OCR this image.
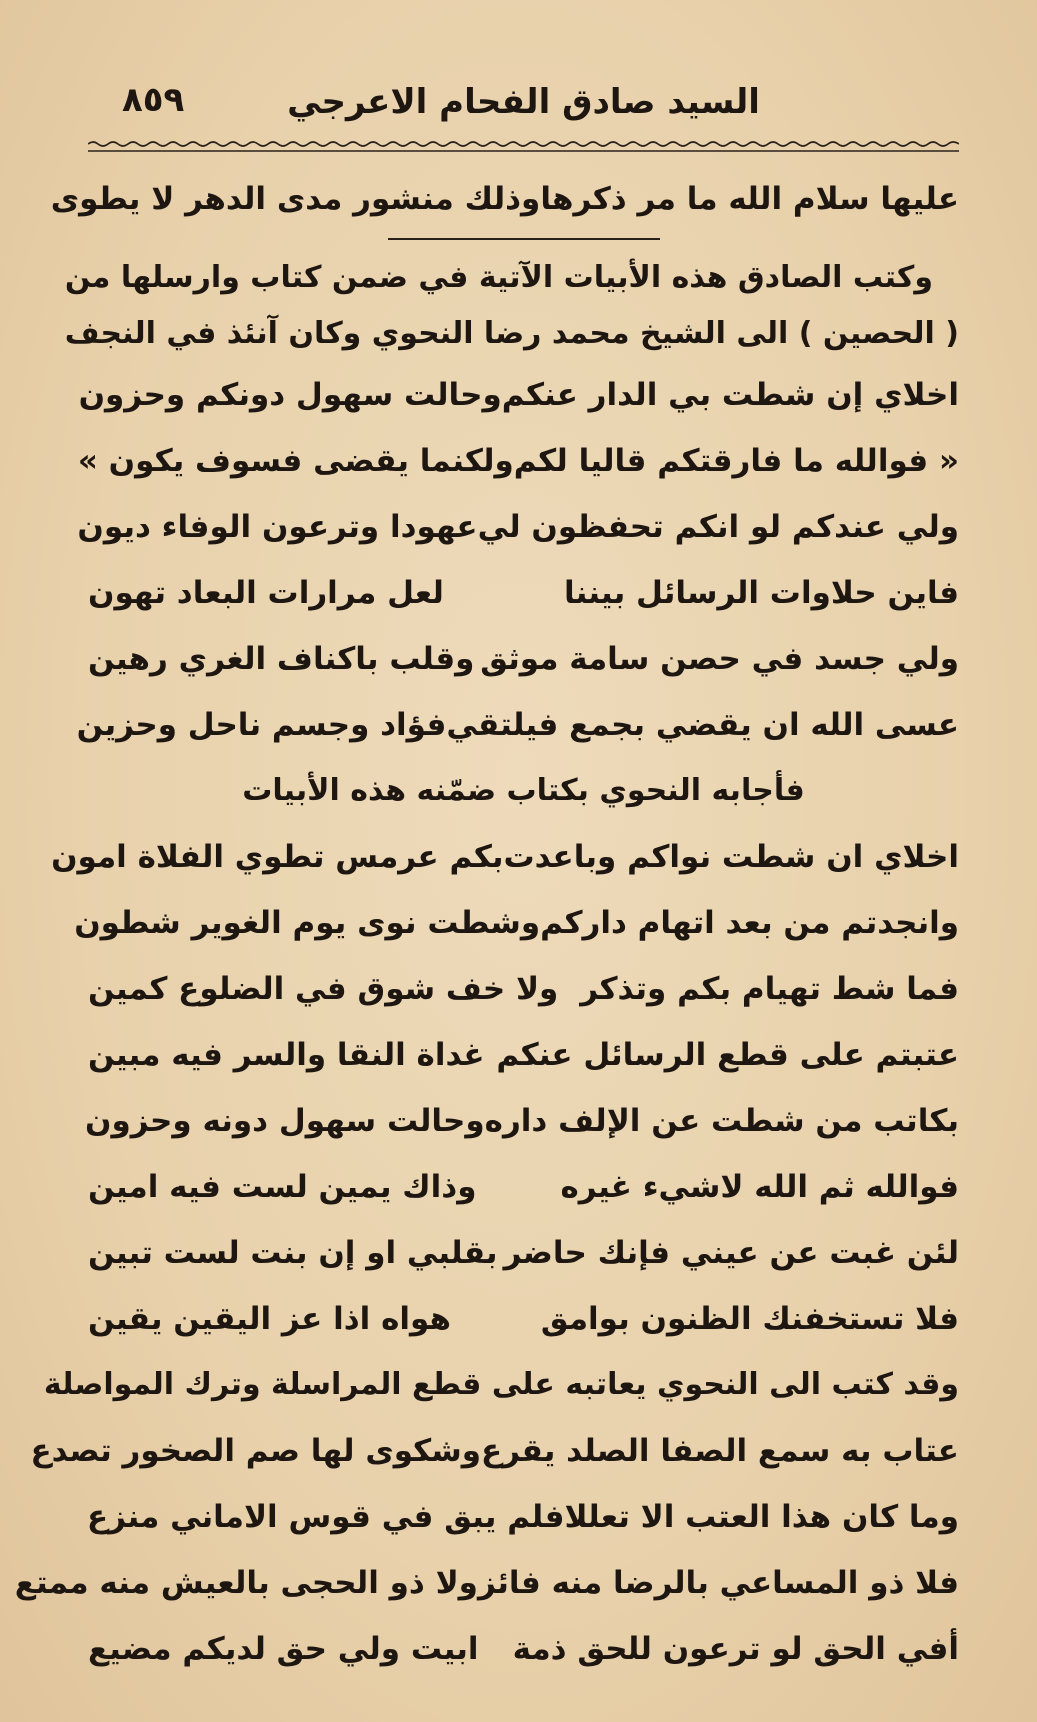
السيد صادق الفحام الاعرجي
٨٥٩
عليها سلام الله ما مر ذكرها
وذلك منشور مدى الدهر لا يطوى
وكتب الصادق هذه الأبيات الآتية في ضمن كتاب وارسلها من
( الحصين ) الى الشيخ محمد رضا النحوي وكان آنئذ في النجف
اخلاي إن شطت بي الدار عنكم
وحالت سهول دونكم وحزون
« فوالله ما فارقتكم قاليا لكم
ولكنما يقضى فسوف يكون »
ولي عندكم لو انكم تحفظون لي
عهودا وترعون الوفاء ديون
فاين حلاوات الرسائل بيننا
لعل مرارات البعاد تهون
ولي جسد في حصن سامة موثق
وقلب باكناف الغري رهين
عسى الله ان يقضي بجمع فيلتقي
فؤاد وجسم ناحل وحزين
فأجابه النحوي بكتاب ضمّنه هذه الأبيات
اخلاي ان شطت نواكم وباعدت
بكم عرمس تطوي الفلاة امون
وانجدتم من بعد اتهام داركم
وشطت نوى يوم الغوير شطون
فما شط تهيام بكم وتذكر
ولا خف شوق في الضلوع كمين
عتبتم على قطع الرسائل عنكم
غداة النقا والسر فيه مبين
بكاتب من شطت عن الإلف داره
وحالت سهول دونه وحزون
فوالله ثم الله لاشيء غيره
وذاك يمين لست فيه امين
لئن غبت عن عيني فإنك حاضر
بقلبي او إن بنت لست تبين
فلا تستخفنك الظنون بوامق
هواه اذا عز اليقين يقين
وقد كتب الى النحوي يعاتبه على قطع المراسلة وترك المواصلة
عتاب به سمع الصفا الصلد يقرع
وشكوى لها صم الصخور تصدع
وما كان هذا العتب الا تعللا
فلم يبق في قوس الاماني منزع
فلا ذو المساعي بالرضا منه فائز
ولا ذو الحجى بالعيش منه ممتع
أفي الحق لو ترعون للحق ذمة
ابيت ولي حق لديكم مضيع
